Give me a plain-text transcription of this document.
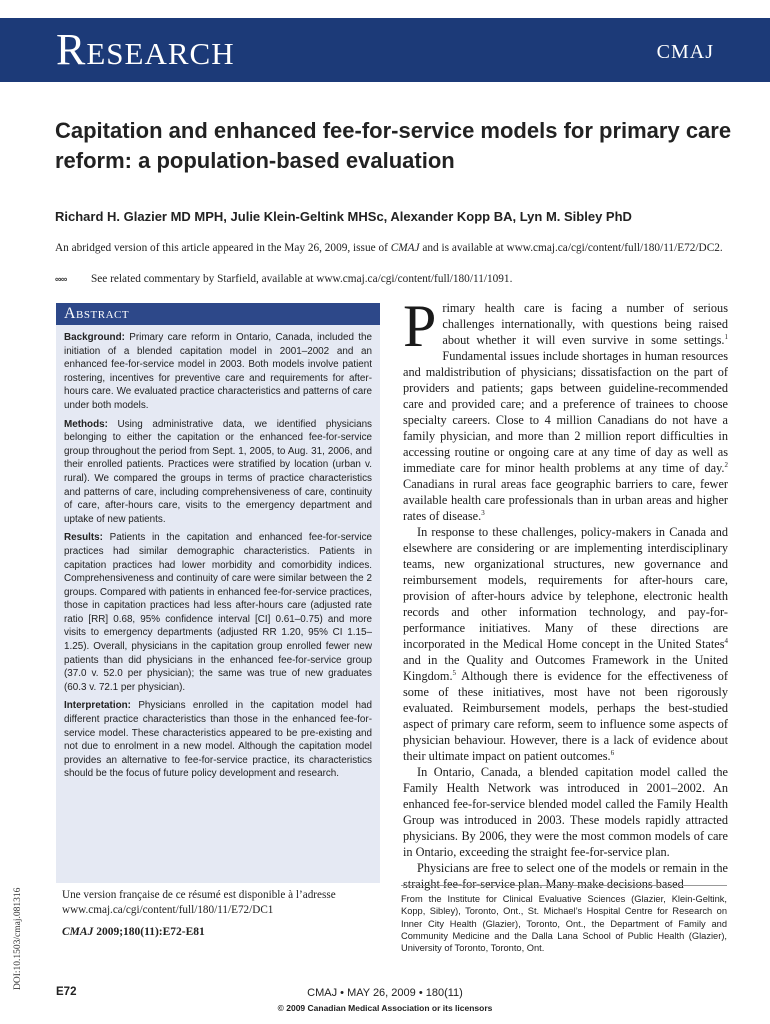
Research	CMAJ
Capitation and enhanced fee-for-service models for primary care reform: a population-based evaluation
Richard H. Glazier MD MPH, Julie Klein-Geltink MHSc, Alexander Kopp BA, Lyn M. Sibley PhD
An abridged version of this article appeared in the May 26, 2009, issue of CMAJ and is available at www.cmaj.ca/cgi/content/full/180/11/E72/DC2.
∞∞ See related commentary by Starfield, available at www.cmaj.ca/cgi/content/full/180/11/1091.
Abstract

Background: Primary care reform in Ontario, Canada, included the initiation of a blended capitation model in 2001–2002 and an enhanced fee-for-service model in 2003. Both models involve patient rostering, incentives for preventive care and requirements for after-hours care. We evaluated practice characteristics and patterns of care under both models.

Methods: Using administrative data, we identified physicians belonging to either the capitation or the enhanced fee-for-service group throughout the period from Sept. 1, 2005, to Aug. 31, 2006, and their enrolled patients. Practices were stratified by location (urban v. rural). We compared the groups in terms of practice characteristics and patterns of care, including comprehensiveness of care, continuity of care, after-hours care, visits to the emergency department and uptake of new patients.

Results: Patients in the capitation and enhanced fee-for-service practices had similar demographic characteristics. Patients in capitation practices had lower morbidity and comorbidity indices. Comprehensiveness and continuity of care were similar between the 2 groups. Compared with patients in enhanced fee-for-service practices, those in capitation practices had less after-hours care (adjusted rate ratio [RR] 0.68, 95% confidence interval [CI] 0.61–0.75) and more visits to emergency departments (adjusted RR 1.20, 95% CI 1.15–1.25). Overall, physicians in the capitation group enrolled fewer new patients than did physicians in the enhanced fee-for-service group (37.0 v. 52.0 per physician); the same was true of new graduates (60.3 v. 72.1 per physician).

Interpretation: Physicians enrolled in the capitation model had different practice characteristics than those in the enhanced fee-for-service model. These characteristics appeared to be pre-existing and not due to enrolment in a new model. Although the capitation model provides an alternative to fee-for-service practice, its characteristics should be the focus of future policy development and research.

Une version française de ce résumé est disponible à l’adresse www.cmaj.ca/cgi/content/full/180/11/E72/DC1
CMAJ 2009;180(11):E72-E81
DOI:10.1503/cmaj.081316
P rimary health care is facing a number of serious challenges internationally, with questions being raised about whether it will even survive in some settings.$^1$ Fundamental issues include shortages in human resources and maldistribution of physicians; dissatisfaction on the part of providers and patients; gaps between guideline-recommended care and provided care; and a preference of trainees to choose specialty careers. Close to 4 million Canadians do not have a family physician, and more than 2 million report difficulties in accessing routine or ongoing care at any time of day as well as immediate care for minor health problems at any time of day.$^2$ Canadians in rural areas face geographic barriers to care, fewer available health care professionals than in urban areas and higher rates of disease.$^3$

In response to these challenges, policy-makers in Canada and elsewhere are considering or are implementing interdisciplinary teams, new organizational structures, new governance and reimbursement models, requirements for after-hours care, provision of after-hours advice by telephone, electronic health records and other information technology, and pay-for-performance initiatives. Many of these directions are incorporated in the Medical Home concept in the United States$^4$ and in the Quality and Outcomes Framework in the United Kingdom.$^5$ Although there is evidence for the effectiveness of some of these initiatives, most have not been rigorously evaluated. Reimbursement models, perhaps the best-studied aspect of primary care reform, seem to influence some aspects of physician behaviour. However, there is a lack of evidence about their ultimate impact on patient outcomes.$^6$

In Ontario, Canada, a blended capitation model called the Family Health Network was introduced in 2001–2002. An enhanced fee-for-service blended model called the Family Health Group was introduced in 2003. These models rapidly attracted physicians. By 2006, they were the most common models of care in Ontario, exceeding the straight fee-for-service plan.

Physicians are free to select one of the models or remain in the straight fee-for-service plan. Many make decisions based

From the Institute for Clinical Evaluative Sciences (Glazier, Klein-Geltink, Kopp, Sibley), Toronto, Ont., St. Michael’s Hospital Centre for Research on Inner City Health (Glazier), Toronto, Ont., the Department of Family and Community Medicine and the Dalla Lana School of Public Health (Glazier), University of Toronto, Toronto, Ont.
E72	CMAJ • MAY 26, 2009 • 180(11)
© 2009 Canadian Medical Association or its licensors
